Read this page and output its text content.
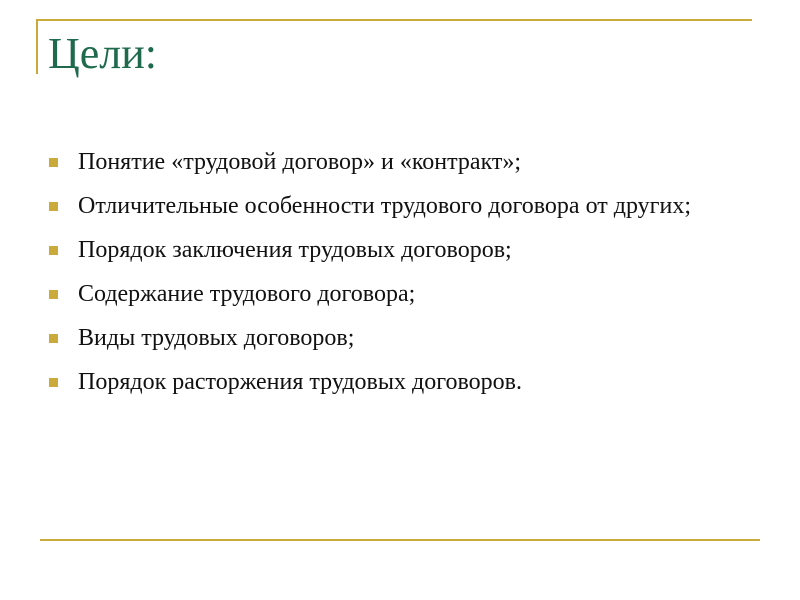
Цели:
Понятие «трудовой договор» и «контракт»;
Отличительные особенности трудового договора от других;
Порядок заключения трудовых договоров;
Содержание трудового договора;
Виды трудовых договоров;
Порядок расторжения трудовых договоров.
